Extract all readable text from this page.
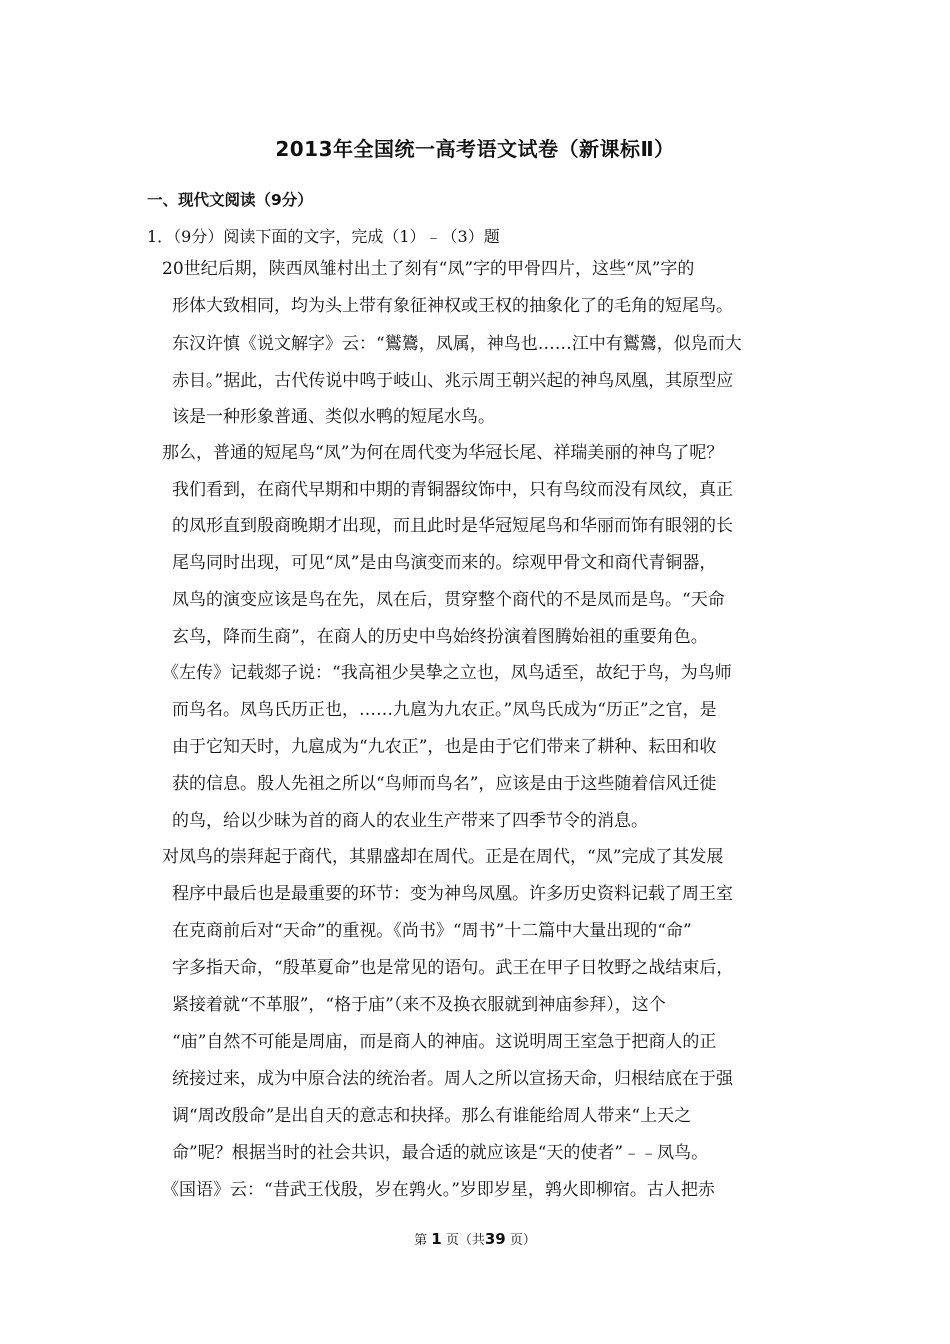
2013年全国统一高考语文试卷（新课标Ⅱ）
一、现代文阅读（9分）
1．（9分）阅读下面的文字，完成（1）﹣（3）题
20世纪后期，陕西凤雏村出土了刻有“凤”字的甲骨四片，这些“凤”字的
形体大致相同，均为头上带有象征神权或王权的抽象化了的毛角的短尾鸟。
东汉许慎《说文解字》云：“鸑鷟，凤属，神鸟也……江中有鸑鷟，似凫而大
赤目。”据此，古代传说中鸣于岐山、兆示周王朝兴起的神鸟凤凰，其原型应
该是一种形象普通、类似水鸭的短尾水鸟。
那么，普通的短尾鸟“凤”为何在周代变为华冠长尾、祥瑞美丽的神鸟了呢？
我们看到，在商代早期和中期的青铜器纹饰中，只有鸟纹而没有凤纹，真正
的凤形直到殷商晚期才出现，而且此时是华冠短尾鸟和华丽而饰有眼翎的长
尾鸟同时出现，可见“凤”是由鸟演变而来的。综观甲骨文和商代青铜器，
凤鸟的演变应该是鸟在先，凤在后，贯穿整个商代的不是凤而是鸟。“天命
玄鸟，降而生商”，在商人的历史中鸟始终扮演着图腾始祖的重要角色。
《左传》记载郯子说：“我高祖少昊挚之立也，凤鸟适至，故纪于鸟，为鸟师
而鸟名。凤鸟氏历正也，……九扈为九农正。”凤鸟氏成为“历正”之官，是
由于它知天时，九扈成为“九农正”，也是由于它们带来了耕种、耘田和收
获的信息。殷人先祖之所以“鸟师而鸟名”，应该是由于这些随着信风迁徙
的鸟，给以少昧为首的商人的农业生产带来了四季节令的消息。
对凤鸟的崇拜起于商代，其鼎盛却在周代。正是在周代，“凤”完成了其发展
程序中最后也是最重要的环节：变为神鸟凤凰。许多历史资料记载了周王室
在克商前后对“天命”的重视。《尚书》“周书”十二篇中大量出现的“命”
字多指天命，“殷革夏命”也是常见的语句。武王在甲子日牧野之战结束后，
紧接着就“不革服”，“格于庙”（来不及换衣服就到神庙参拜），这个
“庙”自然不可能是周庙，而是商人的神庙。这说明周王室急于把商人的正
统接过来，成为中原合法的统治者。周人之所以宣扬天命，归根结底在于强
调“周改殷命”是出自天的意志和抉择。那么有谁能给周人带来“上天之
命”呢？根据当时的社会共识，最合适的就应该是“天的使者”﹣﹣凤鸟。
《国语》云：“昔武王伐殷，岁在鹑火。”岁即岁星，鹑火即柳宿。古人把赤
第 1 页（共39 页）
